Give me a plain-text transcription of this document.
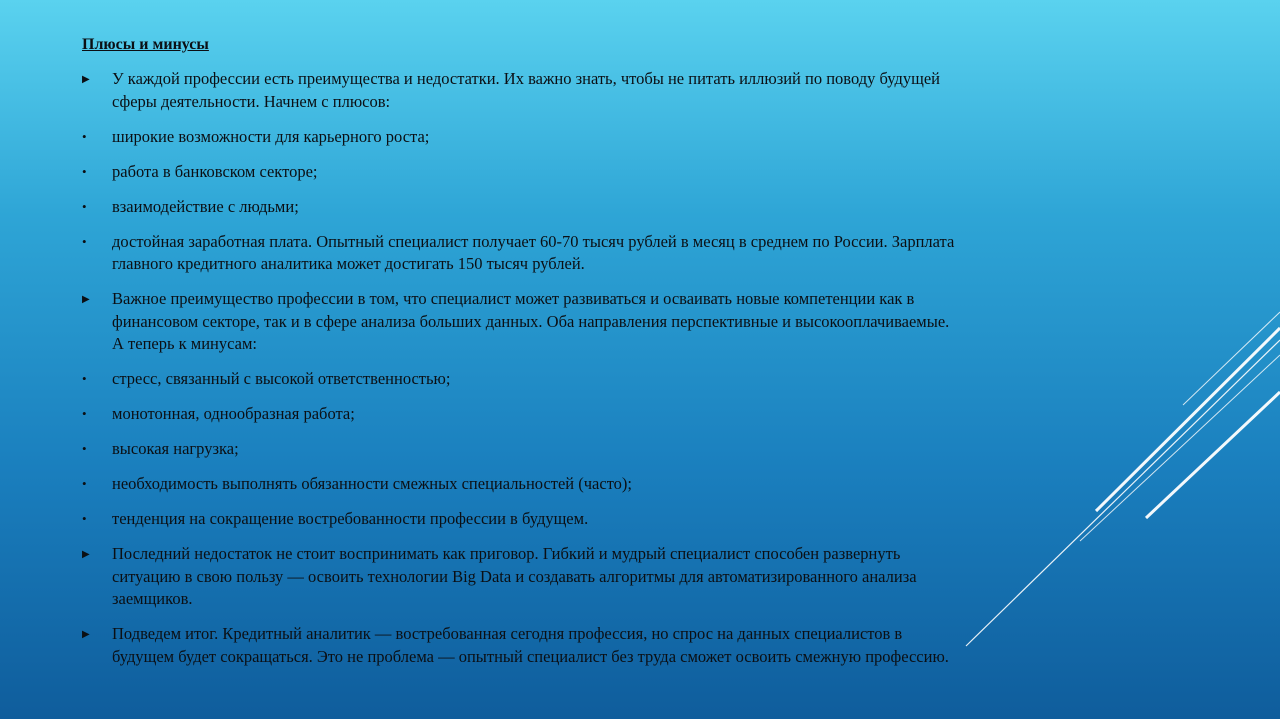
Плюсы и минусы
▶	У каждой профессии есть преимущества и недостатки. Их важно знать, чтобы не питать иллюзий по поводу будущей сферы деятельности. Начнем с плюсов:
•	широкие возможности для карьерного роста;
•	работа в банковском секторе;
•	взаимодействие с людьми;
•	достойная заработная плата. Опытный специалист получает 60-70 тысяч рублей в месяц в среднем по России. Зарплата главного кредитного аналитика может достигать 150 тысяч рублей.
▶	Важное преимущество профессии в том, что специалист может развиваться и осваивать новые компетенции как в финансовом секторе, так и в сфере анализа больших данных. Оба направления перспективные и высокооплачиваемые. А теперь к минусам:
•	стресс, связанный с высокой ответственностью;
•	монотонная, однообразная работа;
•	высокая нагрузка;
•	необходимость выполнять обязанности смежных специальностей (часто);
•	тенденция на сокращение востребованности профессии в будущем.
▶	Последний недостаток не стоит воспринимать как приговор. Гибкий и мудрый специалист способен развернуть ситуацию в свою пользу — освоить технологии Big Data и создавать алгоритмы для автоматизированного анализа заемщиков.
▶	Подведем итог. Кредитный аналитик — востребованная сегодня профессия, но спрос на данных специалистов в будущем будет сокращаться. Это не проблема — опытный специалист без труда сможет освоить смежную профессию.
